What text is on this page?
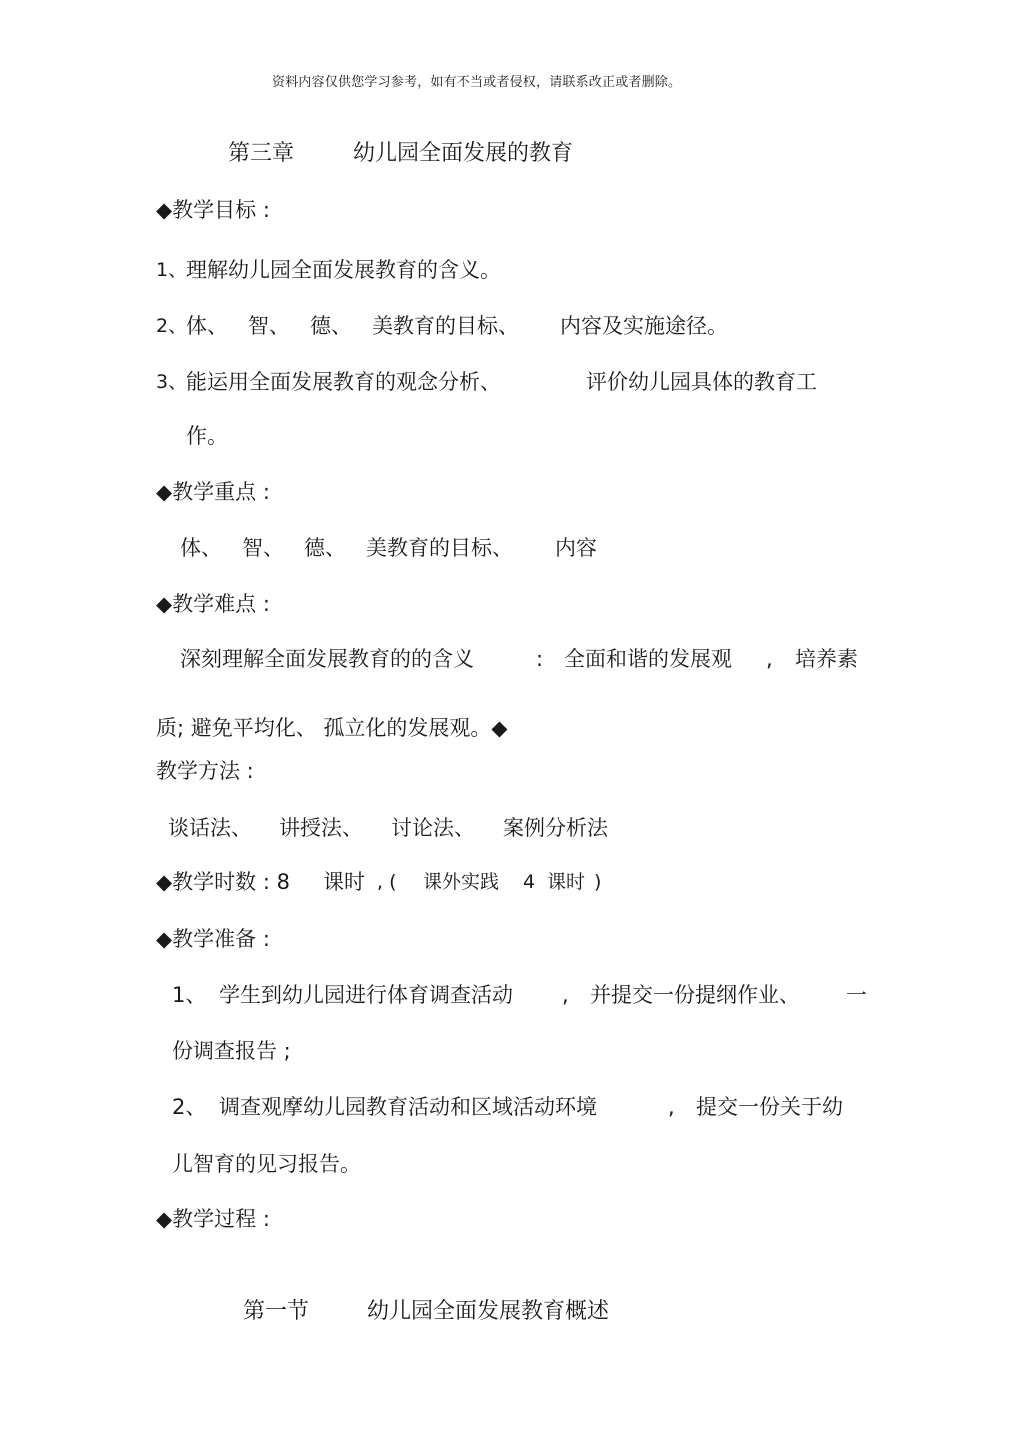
资料内容仅供您学习参考，如有不当或者侵权，请联系改正或者删除。
第三章	幼儿园全面发展的教育
◆教学目标 :
1、
理解幼儿园全面发展教育的含义。
2、
体、 智、 德、 美教育的目标、 内容及实施途径。
3、
能运用全面发展教育的观念分析、	评价幼儿园具体的教育工
作。
◆教学重点 :
体、 智、 德、 美教育的目标、 内容
◆教学难点 :
深刻理解全面发展教育的的含义	: 全面和谐的发展观 , 培养素
质; 避免平均化、 孤立化的发展观。◆
教学方法 :
谈话法、 讲授法、 讨论法、 案例分析法
◆教学时数 : 8 课时 , ( 课外实践 4 课时 )
◆教学准备 :
1、 学生到幼儿园进行体育调查活动 , 并提交一份提纲作业、 一
份调查报告 ;
2、 调查观摩幼儿园教育活动和区域活动环境	, 提交一份关于幼
儿智育的见习报告。
◆教学过程 :
第一节	幼儿园全面发展教育概述
